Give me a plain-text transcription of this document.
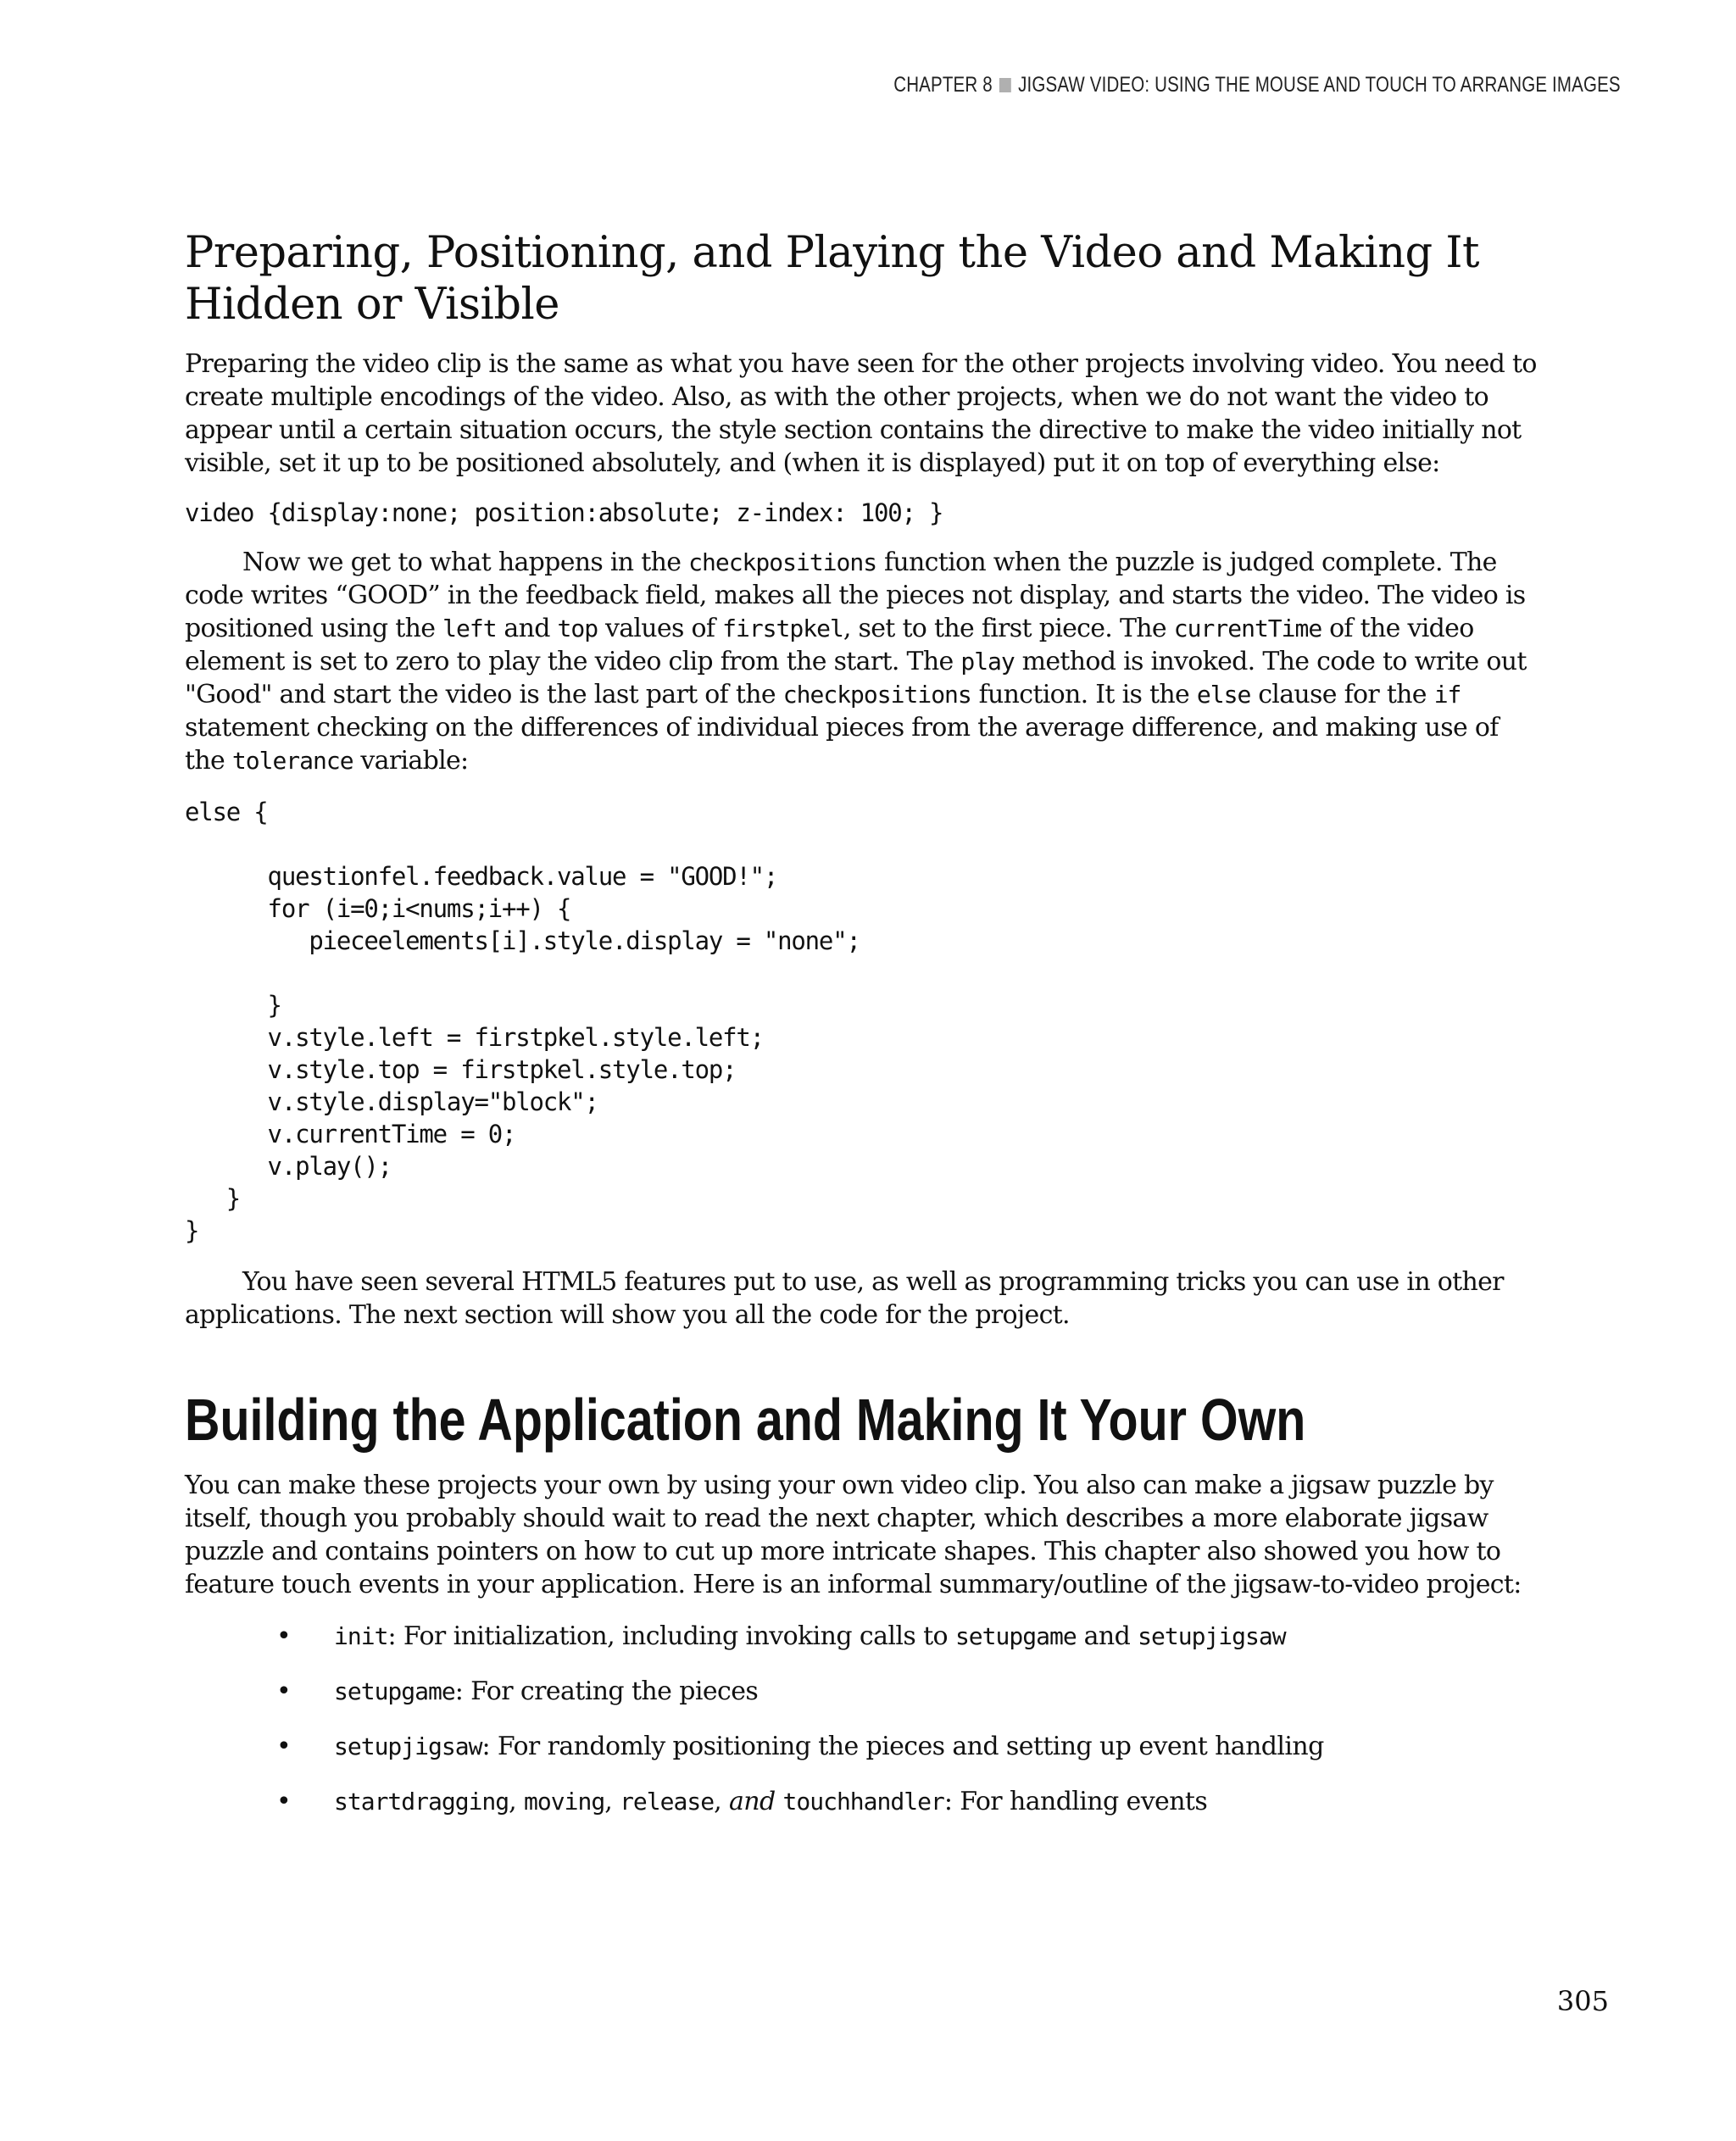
CHAPTER 8 JIGSAW VIDEO: USING THE MOUSE AND TOUCH TO ARRANGE IMAGES
Preparing, Positioning, and Playing the Video and Making It
Hidden or Visible

Preparing the video clip is the same as what you have seen for the other projects involving video. You need to create multiple encodings of the video. Also, as with the other projects, when we do not want the video to appear until a certain situation occurs, the style section contains the directive to make the video initially not visible, set it up to be positioned absolutely, and (when it is displayed) put it on top of everything else:

video {display:none; position:absolute; z-index: 100; }

Now we get to what happens in the checkpositions function when the puzzle is judged complete. The code writes “GOOD” in the feedback field, makes all the pieces not display, and starts the video. The video is positioned using the left and top values of firstpkel, set to the first piece. The currentTime of the video element is set to zero to play the video clip from the start. The play method is invoked. The code to write out "Good" and start the video is the last part of the checkpositions function. It is the else clause for the if statement checking on the differences of individual pieces from the average difference, and making use of the tolerance variable:

else {

questionfel.feedback.value = "GOOD!";
for (i=0;i<nums;i++) {
pieceelements[i].style.display = "none";

}
v.style.left = firstpkel.style.left;
v.style.top = firstpkel.style.top;
v.style.display="block";
v.currentTime = 0;
v.play();
}
}

You have seen several HTML5 features put to use, as well as programming tricks you can use in other applications. The next section will show you all the code for the project.

Building the Application and Making It Your Own

You can make these projects your own by using your own video clip. You also can make a jigsaw puzzle by itself, though you probably should wait to read the next chapter, which describes a more elaborate jigsaw puzzle and contains pointers on how to cut up more intricate shapes. This chapter also showed you how to feature touch events in your application. Here is an informal summary/outline of the jigsaw-to-video project:

• init: For initialization, including invoking calls to setupgame and setupjigsaw
• setupgame: For creating the pieces
• setupjigsaw: For randomly positioning the pieces and setting up event handling
• startdragging, moving, release, and touchhandler: For handling events
305
